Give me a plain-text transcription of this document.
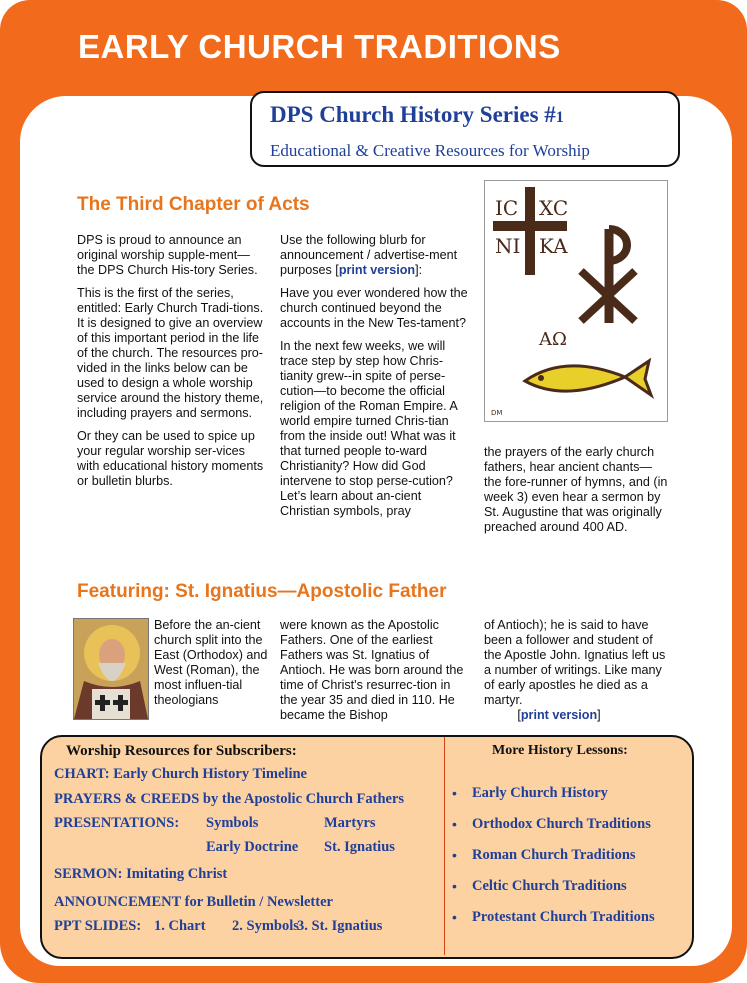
EARLY CHURCH TRADITIONS
DPS Church History Series #1
Educational & Creative Resources for Worship
The Third Chapter of Acts

DPS is proud to announce an original worship supple-ment—the DPS Church His-tory Series.

This is the first of the series, entitled: Early Church Tradi-tions. It is designed to give an overview of this important period in the life of the church. The resources pro-vided in the links below can be used to design a whole worship service around the history theme, including prayers and sermons.

Or they can be used to spice up your regular worship ser-vices with educational history moments or bulletin blurbs.

Use the following blurb for announcement / advertise-ment purposes [print version]:

Have you ever wondered how the church continued beyond the accounts in the New Tes-tament?

In the next few weeks, we will trace step by step how Chris-tianity grew--in spite of perse-cution—to become the official religion of the Roman Empire. A world empire turned Chris-tian from the inside out! What was it that turned people to-ward Christianity? How did God intervene to stop perse-cution? Let’s learn about an-cient Christian symbols, pray

IC XC
NI KA
AΩ
DM

the prayers of the early church fathers, hear ancient chants—the fore-runner of hymns, and (in week 3) even hear a sermon by St. Augustine that was originally preached around 400 AD.

Featuring: St. Ignatius—Apostolic Father

Before the an-cient church split into the East (Orthodox) and West (Roman), the most influen-tial theologians

were known as the Apostolic Fathers. One of the earliest Fathers was St. Ignatius of Antioch. He was born around the time of Christ's resurrec-tion in the year 35 and died in 110. He became the Bishop

of Antioch); he is said to have been a follower and student of the Apostle John. Ignatius left us a number of writings. Like many of early apostles he died as a martyr.

[print version]
Worship Resources for Subscribers:
CHART: Early Church History Timeline
PRAYERS & CREEDS by the Apostolic Church Fathers
PRESENTATIONS: Symbols	Martyrs
Early Doctrine St. Ignatius
SERMON: Imitating Christ
ANNOUNCEMENT for Bulletin / Newsletter
PPT SLIDES: 1. Chart 2. Symbols
3. St. Ignatius
More History Lessons:
• Early Church History
• Orthodox Church Traditions
• Roman Church Traditions
• Celtic Church Traditions
• Protestant Church Traditions
